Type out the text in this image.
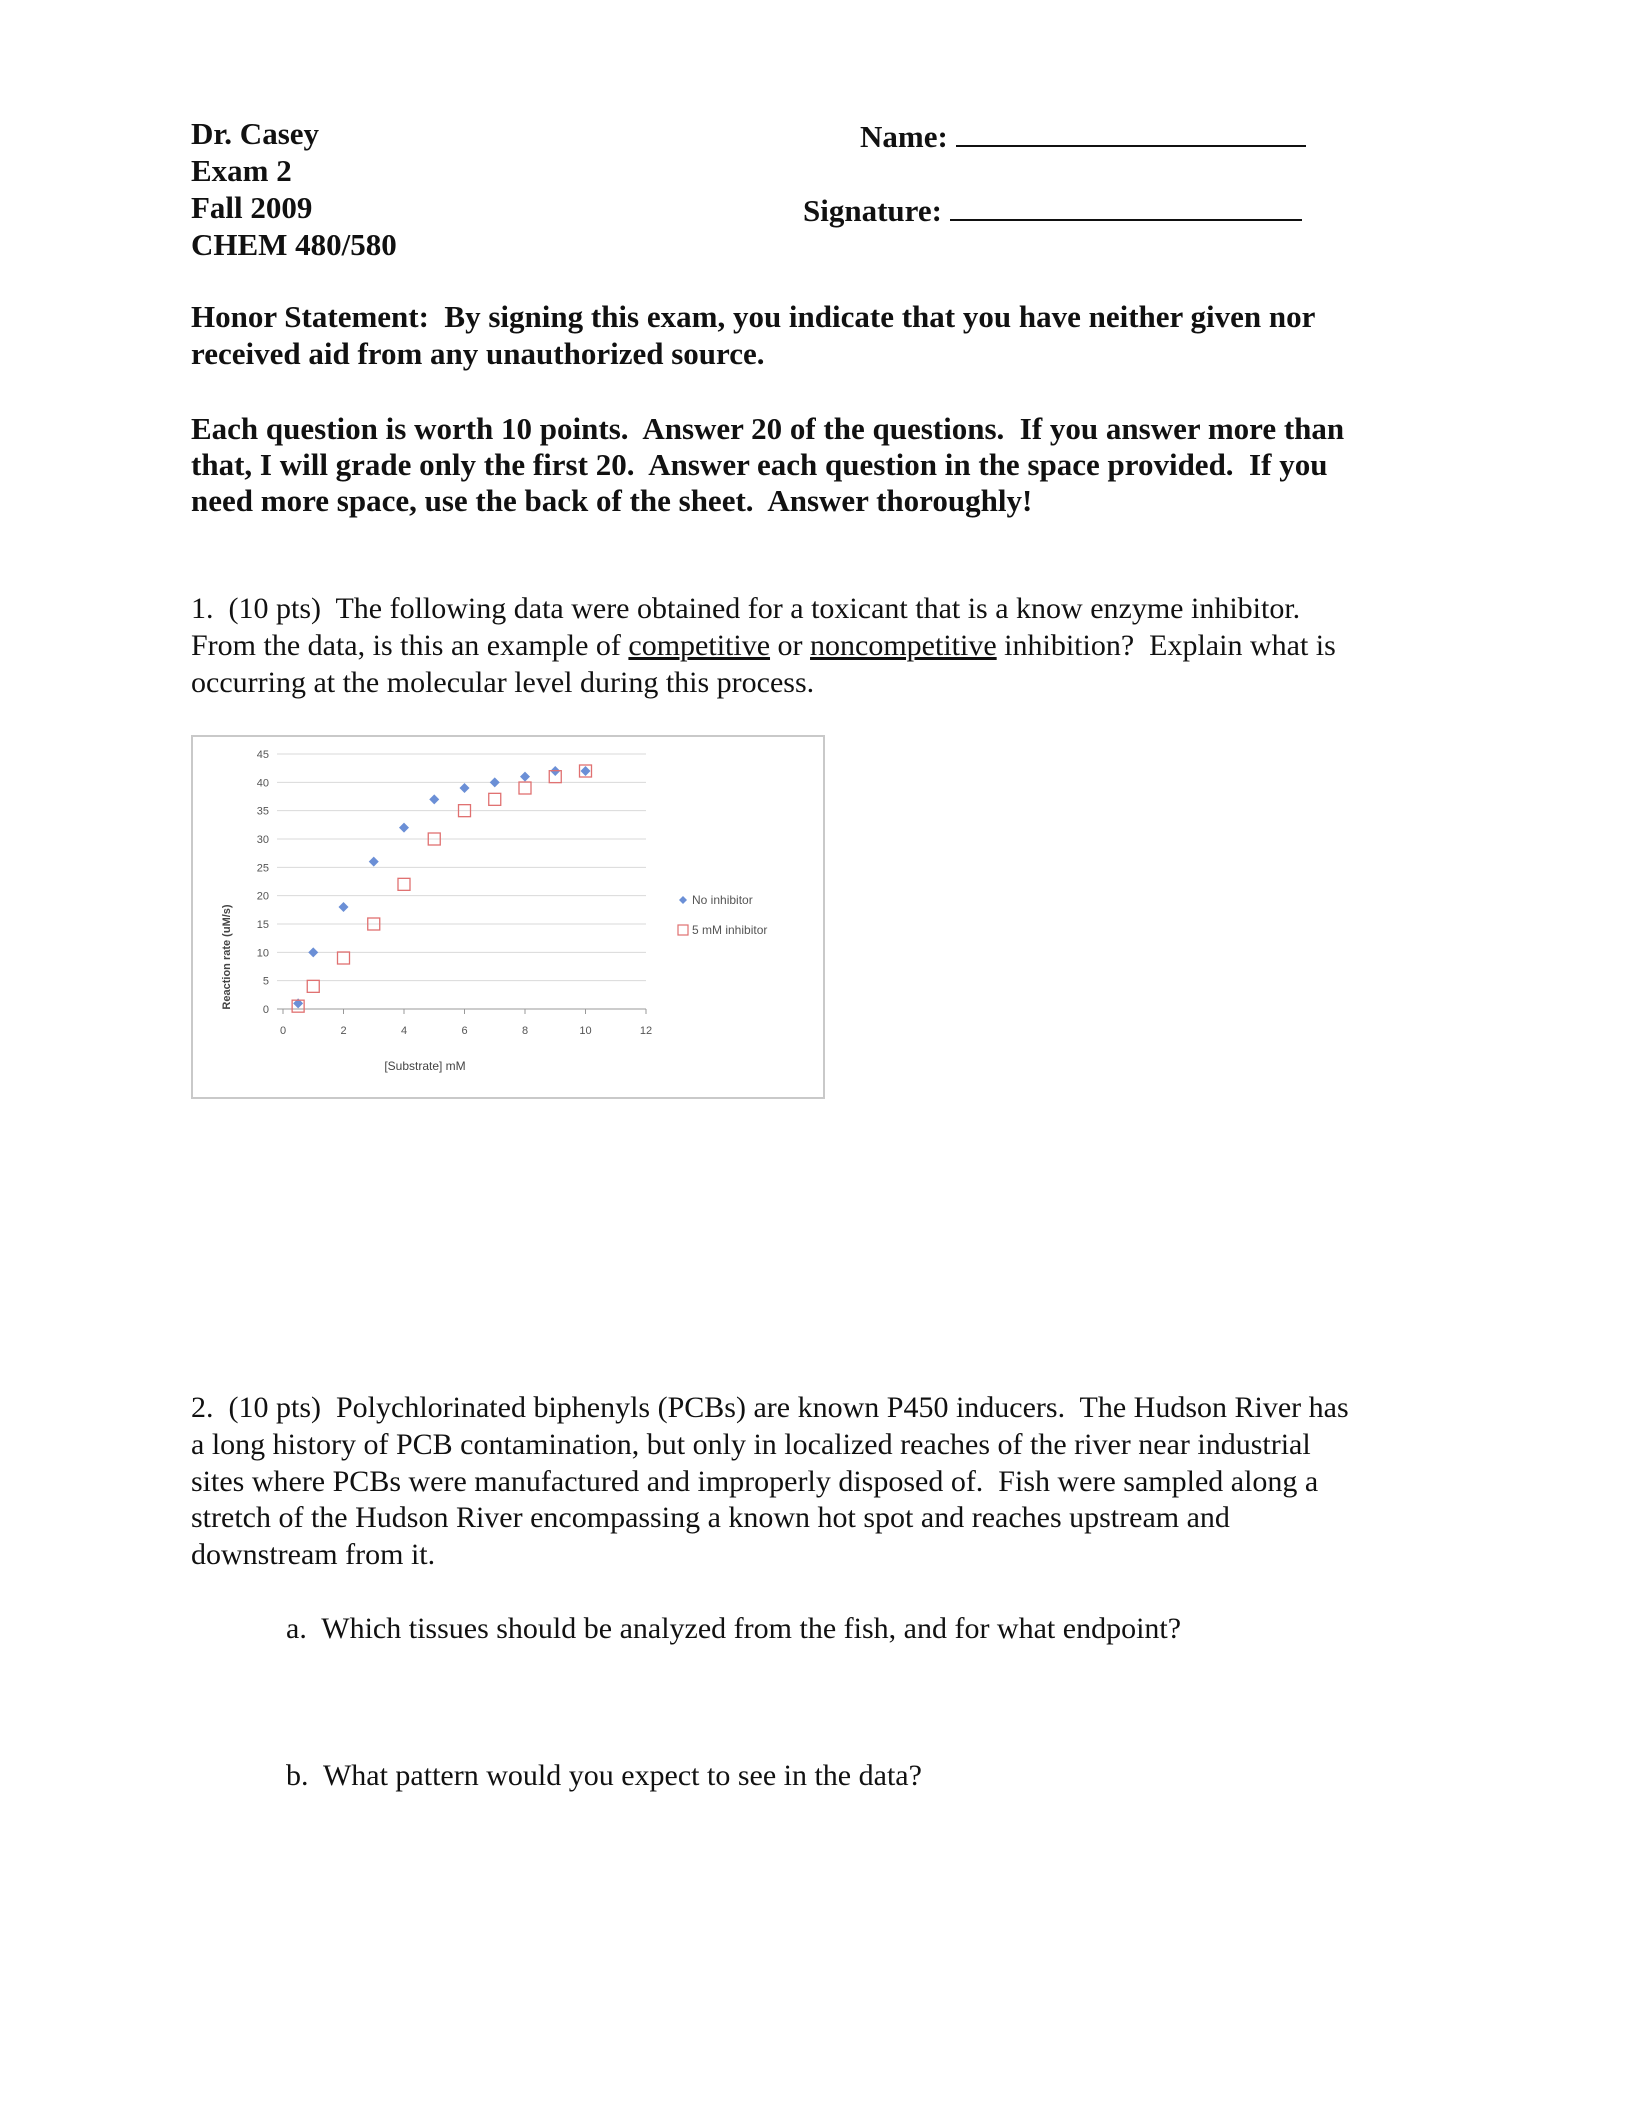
Dr. Casey
Exam 2
Fall 2009
CHEM 480/580
Name:
Signature:
Honor Statement:  By signing this exam, you indicate that you have neither given nor
received aid from any unauthorized source.
Each question is worth 10 points.  Answer 20 of the questions.  If you answer more than
that, I will grade only the first 20.  Answer each question in the space provided.  If you
need more space, use the back of the sheet.  Answer thoroughly!
1.  (10 pts)  The following data were obtained for a toxicant that is a know enzyme inhibitor.
From the data, is this an example of competitive or noncompetitive inhibition?  Explain what is
occurring at the molecular level during this process.
0
5
10
15
20
25
30
35
40
45
0	2	4	6	8	10	12
No inhibitor
5 mM inhibitor
Reaction rate (uM/s)
[Substrate] mM
2.  (10 pts)  Polychlorinated biphenyls (PCBs) are known P450 inducers.  The Hudson River has
a long history of PCB contamination, but only in localized reaches of the river near industrial
sites where PCBs were manufactured and improperly disposed of.  Fish were sampled along a
stretch of the Hudson River encompassing a known hot spot and reaches upstream and
downstream from it.
a.  Which tissues should be analyzed from the fish, and for what endpoint?
b.  What pattern would you expect to see in the data?
